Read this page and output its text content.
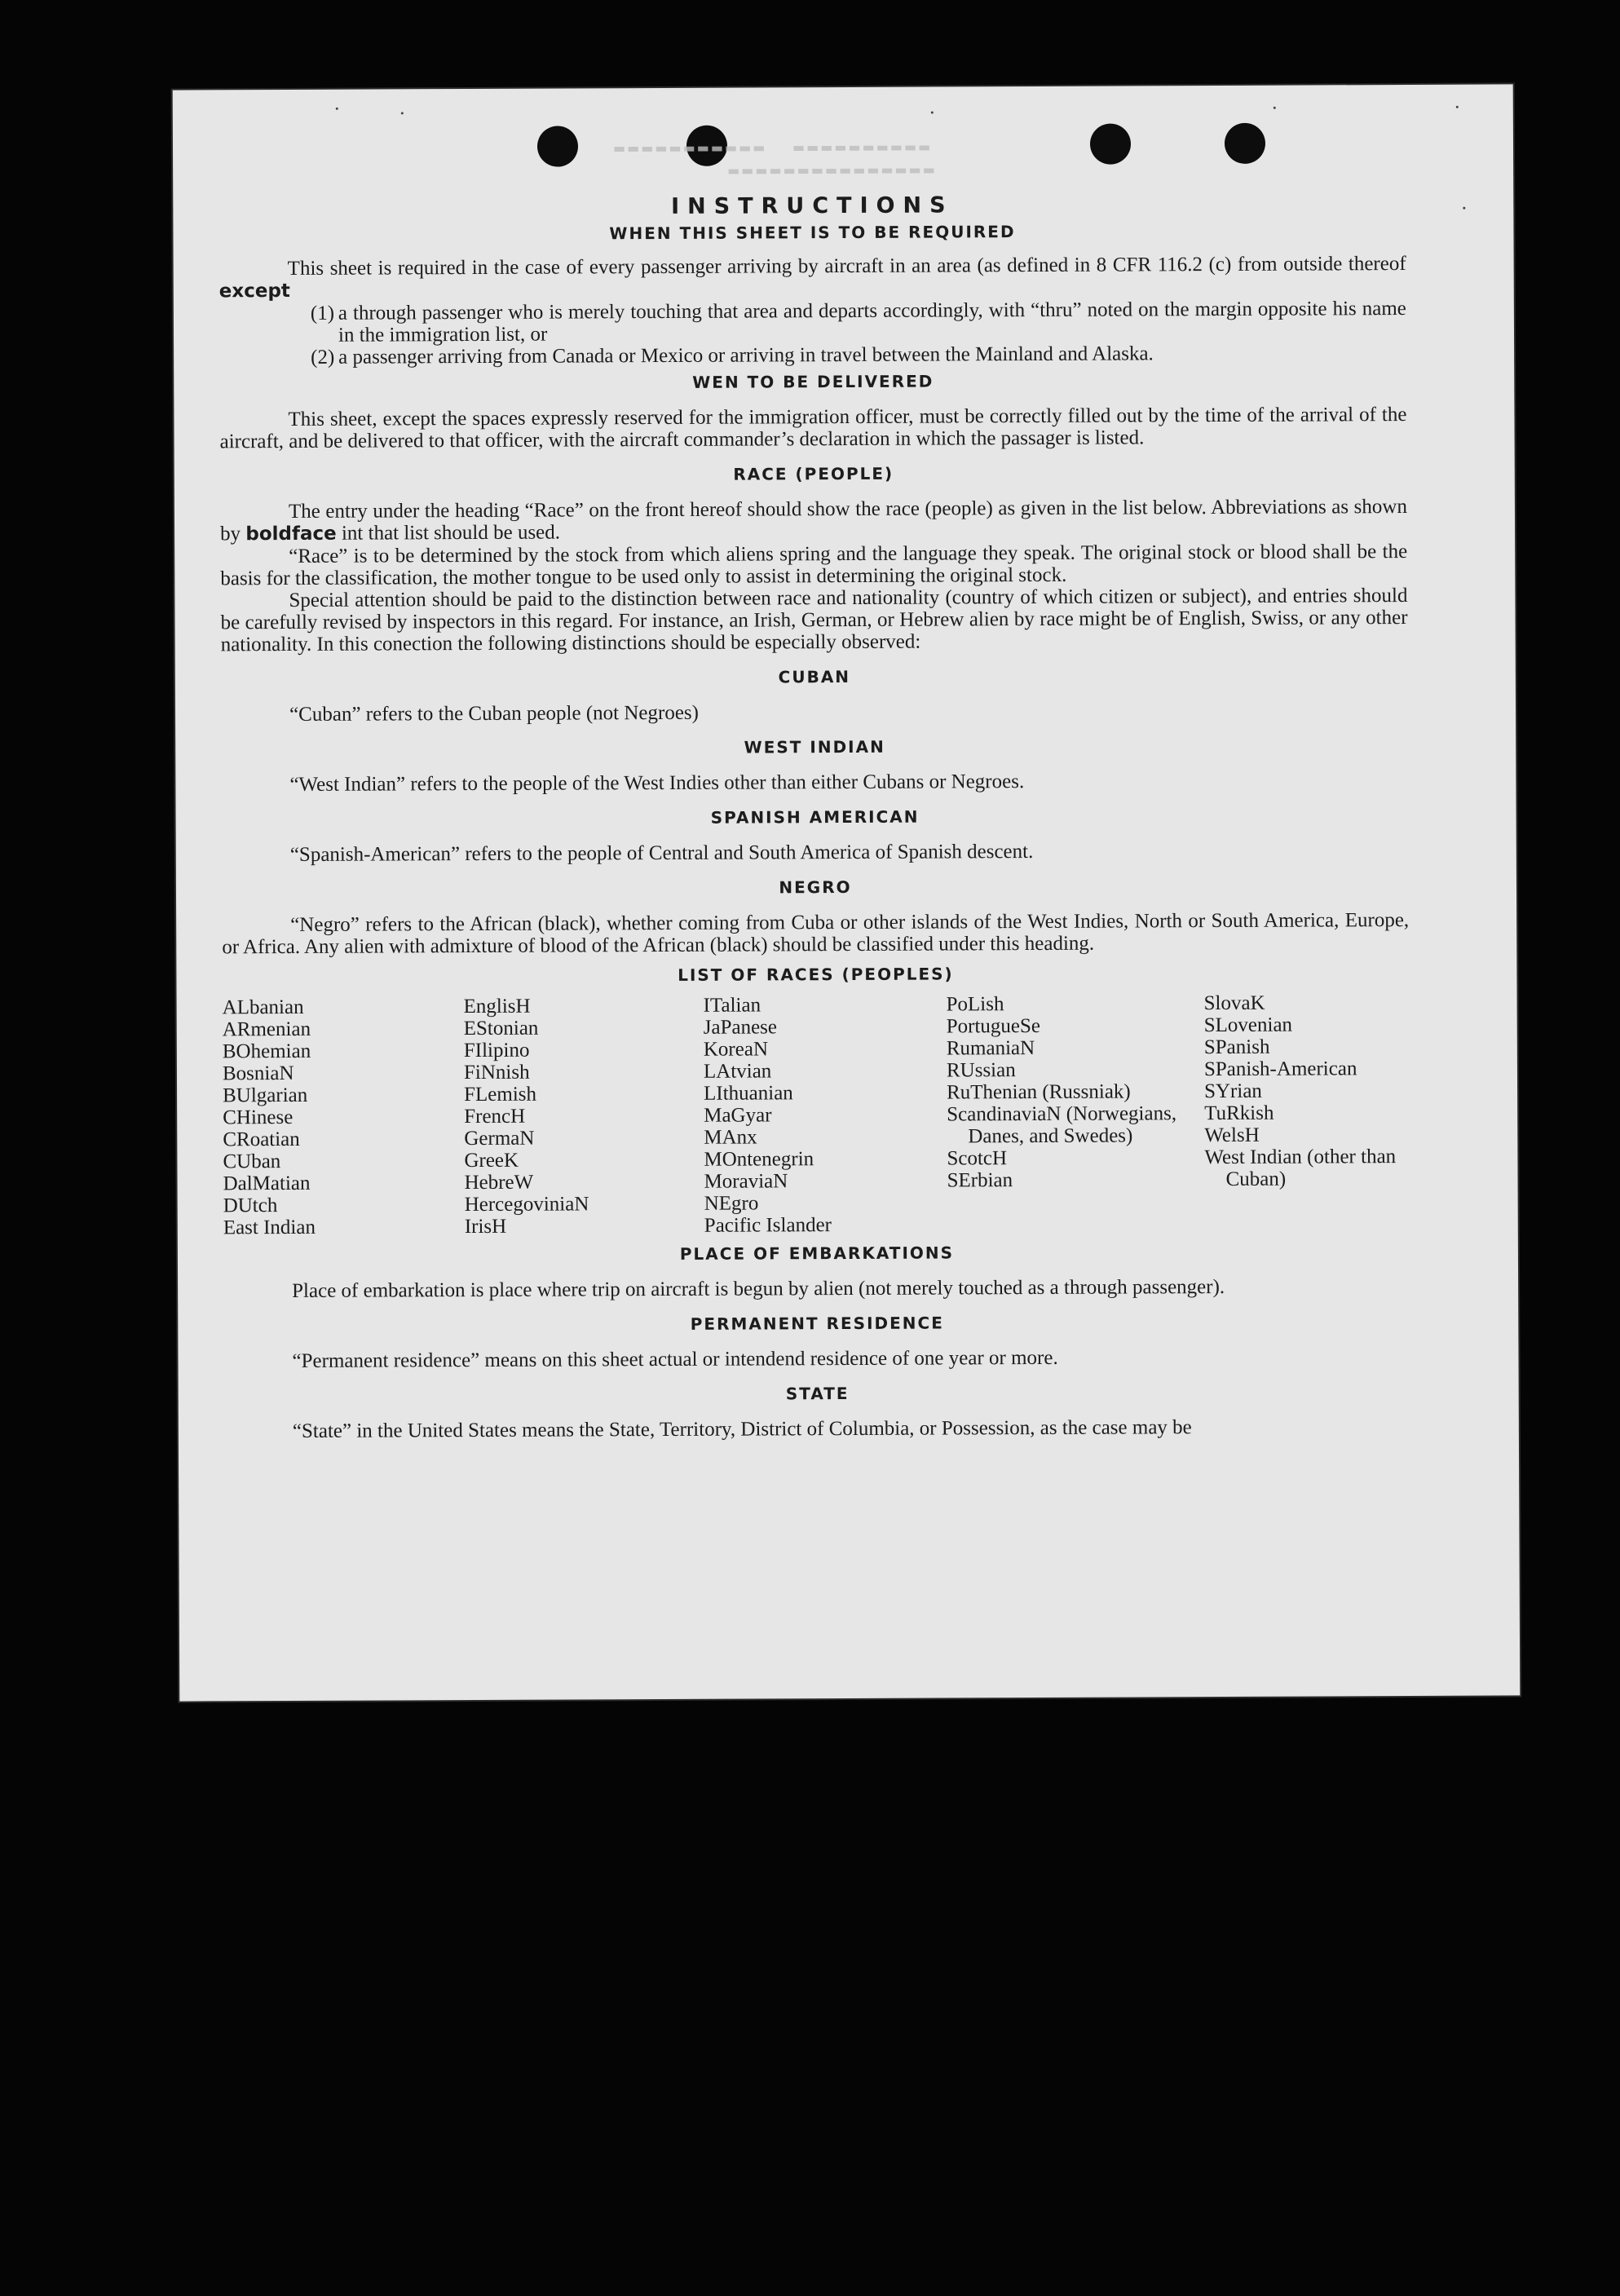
▬▬▬▬▬▬▬▬▬▬▬ ▬▬▬▬▬▬▬▬▬▬
▬▬▬▬▬▬▬▬▬▬▬▬▬▬▬
INSTRUCTIONS
WHEN THIS SHEET IS TO BE REQUIRED

This sheet is required in the case of every passenger arriving by aircraft in an area (as defined in 8 CFR 116.2 (c) from outside thereof except

(1) a through passenger who is merely touching that area and departs accordingly, with “thru” noted on the margin opposite his name in the immigration list, or
(2) a passenger arriving from Canada or Mexico or arriving in travel between the Mainland and Alaska.
WEN TO BE DELIVERED

This sheet, except the spaces expressly reserved for the immigration officer, must be correctly filled out by the time of the arrival of the aircraft, and be delivered to that officer, with the aircraft commander’s declaration in which the passager is listed.

RACE (PEOPLE)

The entry under the heading “Race” on the front hereof should show the race (people) as given in the list below. Abbreviations as shown by boldface int that list should be used.

“Race” is to be determined by the stock from which aliens spring and the language they speak. The original stock or blood shall be the basis for the classification, the mother tongue to be used only to assist in determining the original stock.

Special attention should be paid to the distinction between race and nationality (country of which citizen or subject), and entries should be carefully revised by inspectors in this regard. For instance, an Irish, German, or Hebrew alien by race might be of English, Swiss, or any other nationality. In this conection the following distinctions should be especially observed:

CUBAN

“Cuban” refers to the Cuban people (not Negroes)

WEST INDIAN

“West Indian” refers to the people of the West Indies other than either Cubans or Negroes.

SPANISH AMERICAN

“Spanish-American” refers to the people of Central and South America of Spanish descent.

NEGRO

“Negro” refers to the African (black), whether coming from Cuba or other islands of the West Indies, North or South America, Europe, or Africa. Any alien with admixture of blood of the African (black) should be classified under this heading.

LIST OF RACES (PEOPLES)
ALbanian
ARmenian
BOhemian
BosniaN
BUlgarian
CHinese
CRoatian
CUban
DalMatian
DUtch
East Indian
EnglisH
EStonian
FIlipino
FiNnish
FLemish
FrencH
GermaN
GreeK
HebreW
HercegoviniaN
IrisH
ITalian
JaPanese
KoreaN
LAtvian
LIthuanian
MaGyar
MAnx
MOntenegrin
MoraviaN
NEgro
Pacific Islander
PoLish
PortugueSe
RumaniaN
RUssian
RuThenian (Russniak)
ScandinaviaN (Norwegians, Danes, and Swedes)
ScotcH
SErbian
SlovaK
SLovenian
SPanish
SPanish-American
SYrian
TuRkish
WelsH
West Indian (other than Cuban)
PLACE OF EMBARKATIONS

Place of embarkation is place where trip on aircraft is begun by alien (not merely touched as a through passenger).

PERMANENT RESIDENCE

“Permanent residence” means on this sheet actual or intendend residence of one year or more.

STATE

“State” in the United States means the State, Territory, District of Columbia, or Possession, as the case may be
